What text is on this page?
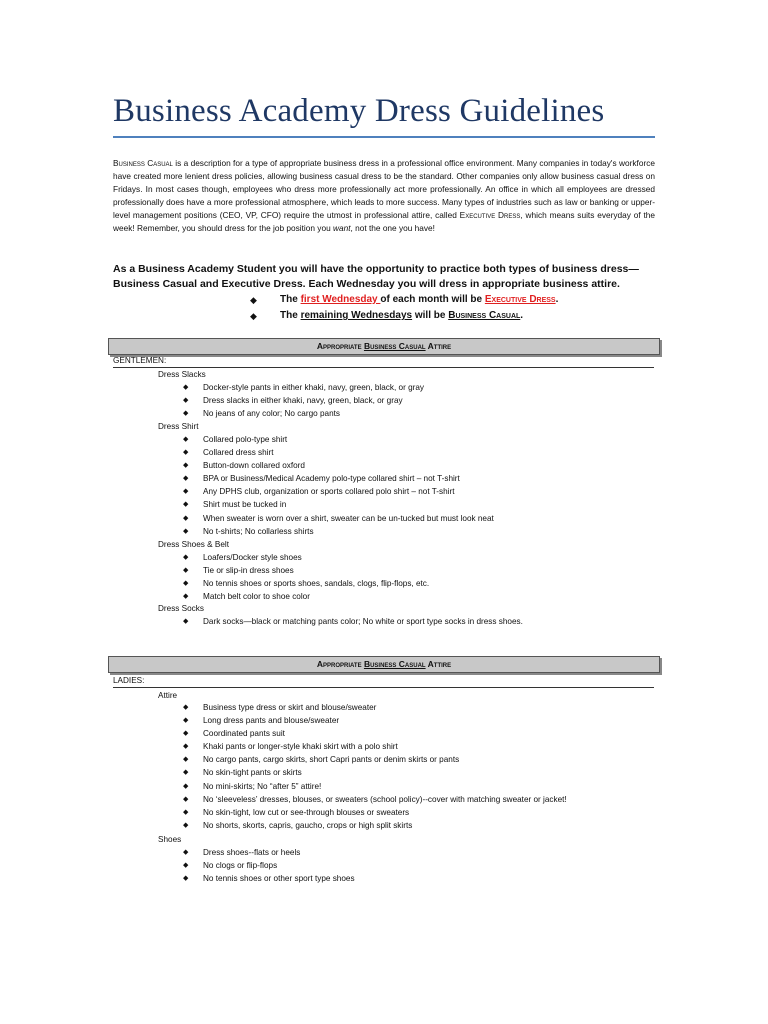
Business Academy Dress Guidelines

Business Casual is a description for a type of appropriate business dress in a professional office environment. Many companies in today's workforce have created more lenient dress policies, allowing business casual dress to be the standard. Other companies only allow business casual dress on Fridays. In most cases though, employees who dress more professionally act more professionally. An office in which all employees are dressed professionally does have a more professional atmosphere, which leads to more success. Many types of industries such as law or banking or upper-level management positions (CEO, VP, CFO) require the utmost in professional attire, called Executive Dress, which means suits everyday of the week! Remember, you should dress for the job position you want, not the one you have!

As a Business Academy Student you will have the opportunity to practice both types of business dress—Business Casual and Executive Dress. Each Wednesday you will dress in appropriate business attire.

◆ The first Wednesday of each month will be Executive Dress.
◆ The remaining Wednesdays will be Business Casual.
Appropriate Business Casual Attire
GENTLEMEN:
Dress Slacks
◆ Docker-style pants in either khaki, navy, green, black, or gray
◆ Dress slacks in either khaki, navy, green, black, or gray
◆ No jeans of any color; No cargo pants
Dress Shirt
◆ Collared polo-type shirt
◆ Collared dress shirt
◆ Button-down collared oxford
◆ BPA or Business/Medical Academy polo-type collared shirt – not T-shirt
◆ Any DPHS club, organization or sports collared polo shirt – not T-shirt
◆ Shirt must be tucked in
◆ When sweater is worn over a shirt, sweater can be un-tucked but must look neat
◆ No t-shirts; No collarless shirts
Dress Shoes & Belt
◆ Loafers/Docker style shoes
◆ Tie or slip-in dress shoes
◆ No tennis shoes or sports shoes, sandals, clogs, flip-flops, etc.
◆ Match belt color to shoe color
Dress Socks
◆ Dark socks—black or matching pants color; No white or sport type socks in dress shoes.
Appropriate Business Casual Attire
LADIES:
Attire
◆ Business type dress or skirt and blouse/sweater
◆ Long dress pants and blouse/sweater
◆ Coordinated pants suit
◆ Khaki pants or longer-style khaki skirt with a polo shirt
◆ No cargo pants, cargo skirts, short Capri pants or denim skirts or pants
◆ No skin-tight pants or skirts
◆ No mini-skirts; No “after 5” attire!
◆ No ‘sleeveless’ dresses, blouses, or sweaters (school policy)--cover with matching sweater or jacket!
◆ No skin-tight, low cut or see-through blouses or sweaters
◆ No shorts, skorts, capris, gaucho, crops or high split skirts
Shoes
◆ Dress shoes--flats or heels
◆ No clogs or flip-flops
◆ No tennis shoes or other sport type shoes
